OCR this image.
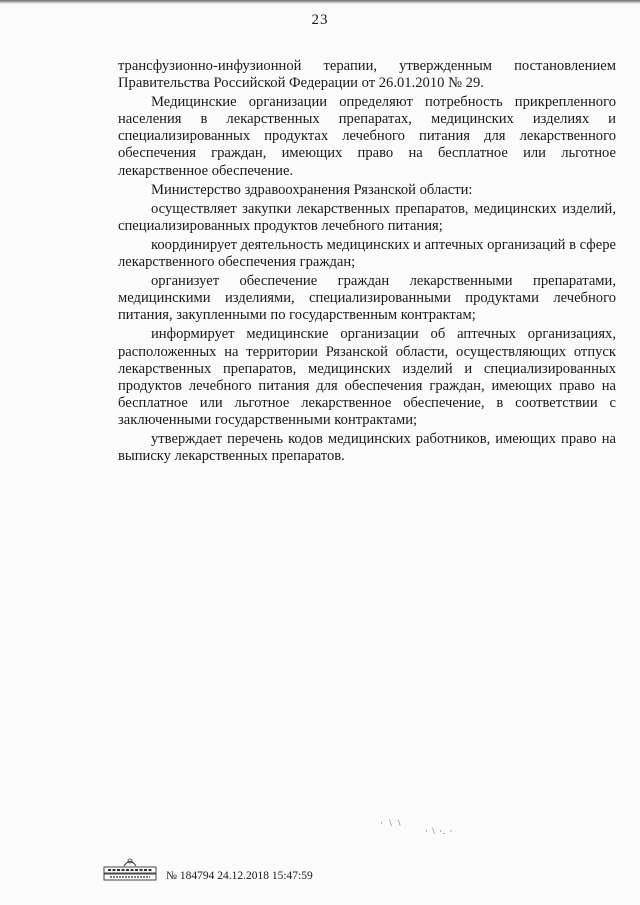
23

трансфузионно-инфузионной терапии, утвержденным постановлением Правительства Российской Федерации от 26.01.2010 № 29.

Медицинские организации определяют потребность прикрепленного населения в лекарственных препаратах, медицинских изделиях и специализированных продуктах лечебного питания для лекарственного обеспечения граждан, имеющих право на бесплатное или льготное лекарственное обеспечение.

Министерство здравоохранения Рязанской области:

осуществляет закупки лекарственных препаратов, медицинских изделий, специализированных продуктов лечебного питания;

координирует деятельность медицинских и аптечных организаций в сфере лекарственного обеспечения граждан;

организует обеспечение граждан лекарственными препаратами, медицинскими изделиями, специализированными продуктами лечебного питания, закупленными по государственным контрактам;

информирует медицинские организации об аптечных организациях, расположенных на территории Рязанской области, осуществляющих отпуск лекарственных препаратов, медицинских изделий и специализированных продуктов лечебного питания для обеспечения граждан, имеющих право на бесплатное или льготное лекарственное обеспечение, в соответствии с заключенными государственными контрактами;

утверждает перечень кодов медицинских работников, имеющих право на выписку лекарственных препаратов.

· \ \
· \ ·. ·
№ 184794 24.12.2018 15:47:59
